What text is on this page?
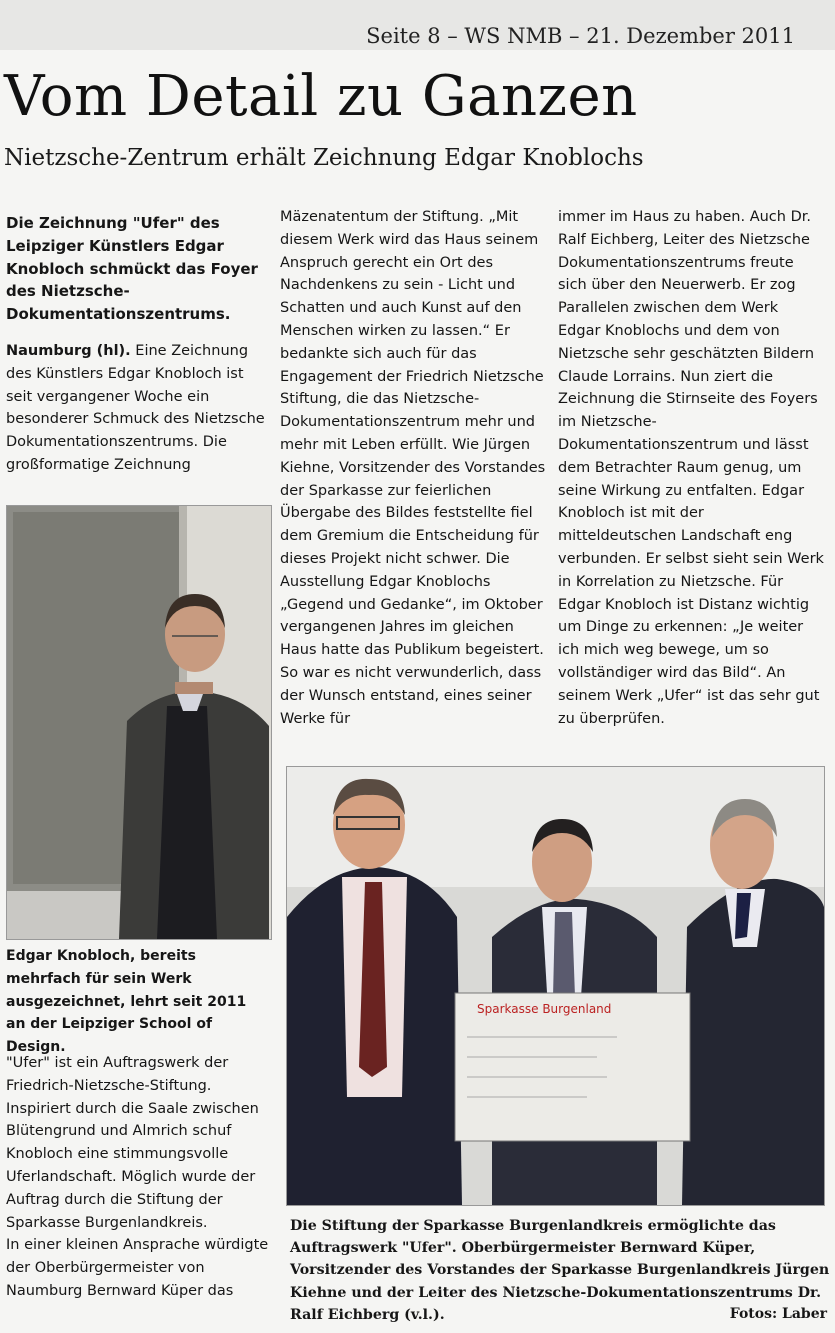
Seite 8 – WS NMB – 21. Dezember 2011
Vom Detail zu Ganzen
Nietzsche-Zentrum erhält Zeichnung Edgar Knoblochs

Die Zeichnung "Ufer" des Leipziger Künstlers Edgar Knobloch schmückt das Foyer des Nietzsche-Dokumentationszentrums.

Naumburg (hl). Eine Zeichnung des Künstlers Edgar Knobloch ist seit vergangener Woche ein besonderer Schmuck des Nietzsche Dokumentationszentrums. Die großformatige Zeichnung

Edgar Knobloch, bereits mehrfach für sein Werk ausgezeichnet, lehrt seit 2011 an der Leipziger School of Design.

"Ufer" ist ein Auftragswerk der Friedrich-Nietzsche-Stiftung.

Inspiriert durch die Saale zwischen Blütengrund und Almrich schuf Knobloch eine stimmungsvolle Uferlandschaft. Möglich wurde der Auftrag durch die Stiftung der Sparkasse Burgenlandkreis.

In einer kleinen Ansprache würdigte der Oberbürgermeister von Naumburg Bernward Küper das

Mäzenatentum der Stiftung. „Mit diesem Werk wird das Haus seinem Anspruch gerecht ein Ort des Nachdenkens zu sein - Licht und Schatten und auch Kunst auf den Menschen wirken zu lassen.“ Er bedankte sich auch für das Engagement der Friedrich Nietzsche Stiftung, die das Nietzsche-Dokumentationszentrum mehr und mehr mit Leben erfüllt. Wie Jürgen Kiehne, Vorsitzender des Vorstandes der Sparkasse zur feierlichen Übergabe des Bildes feststellte fiel dem Gremium die Entscheidung für dieses Projekt nicht schwer. Die Ausstellung Edgar Knoblochs „Gegend und Gedanke“, im Oktober vergangenen Jahres im gleichen Haus hatte das Publikum begeistert. So war es nicht verwunderlich, dass der Wunsch entstand, eines seiner Werke für

immer im Haus zu haben. Auch Dr. Ralf Eichberg, Leiter des Nietzsche Dokumentationszentrums freute sich über den Neuerwerb. Er zog Parallelen zwischen dem Werk Edgar Knoblochs und dem von Nietzsche sehr geschätzten Bildern Claude Lorrains. Nun ziert die Zeichnung die Stirnseite des Foyers im Nietzsche-Dokumentationszentrum und lässt dem Betrachter Raum genug, um seine Wirkung zu entfalten. Edgar Knobloch ist mit der mitteldeutschen Landschaft eng verbunden. Er selbst sieht sein Werk in Korrelation zu Nietzsche. Für Edgar Knobloch ist Distanz wichtig um Dinge zu erkennen: „Je weiter ich mich weg bewege, um so vollständiger wird das Bild“. An seinem Werk „Ufer“ ist das sehr gut zu überprüfen.

Sparkasse Burgenland
Die Stiftung der Sparkasse Burgenlandkreis ermöglichte das Auftragswerk "Ufer". Oberbürgermeister Bernward Küper, Vorsitzender des Vorstandes der Sparkasse Burgenlandkreis Jürgen Kiehne und der Leiter des Nietzsche-Dokumentationszentrums Dr. Ralf Eichberg (v.l.).	Fotos: Laber
